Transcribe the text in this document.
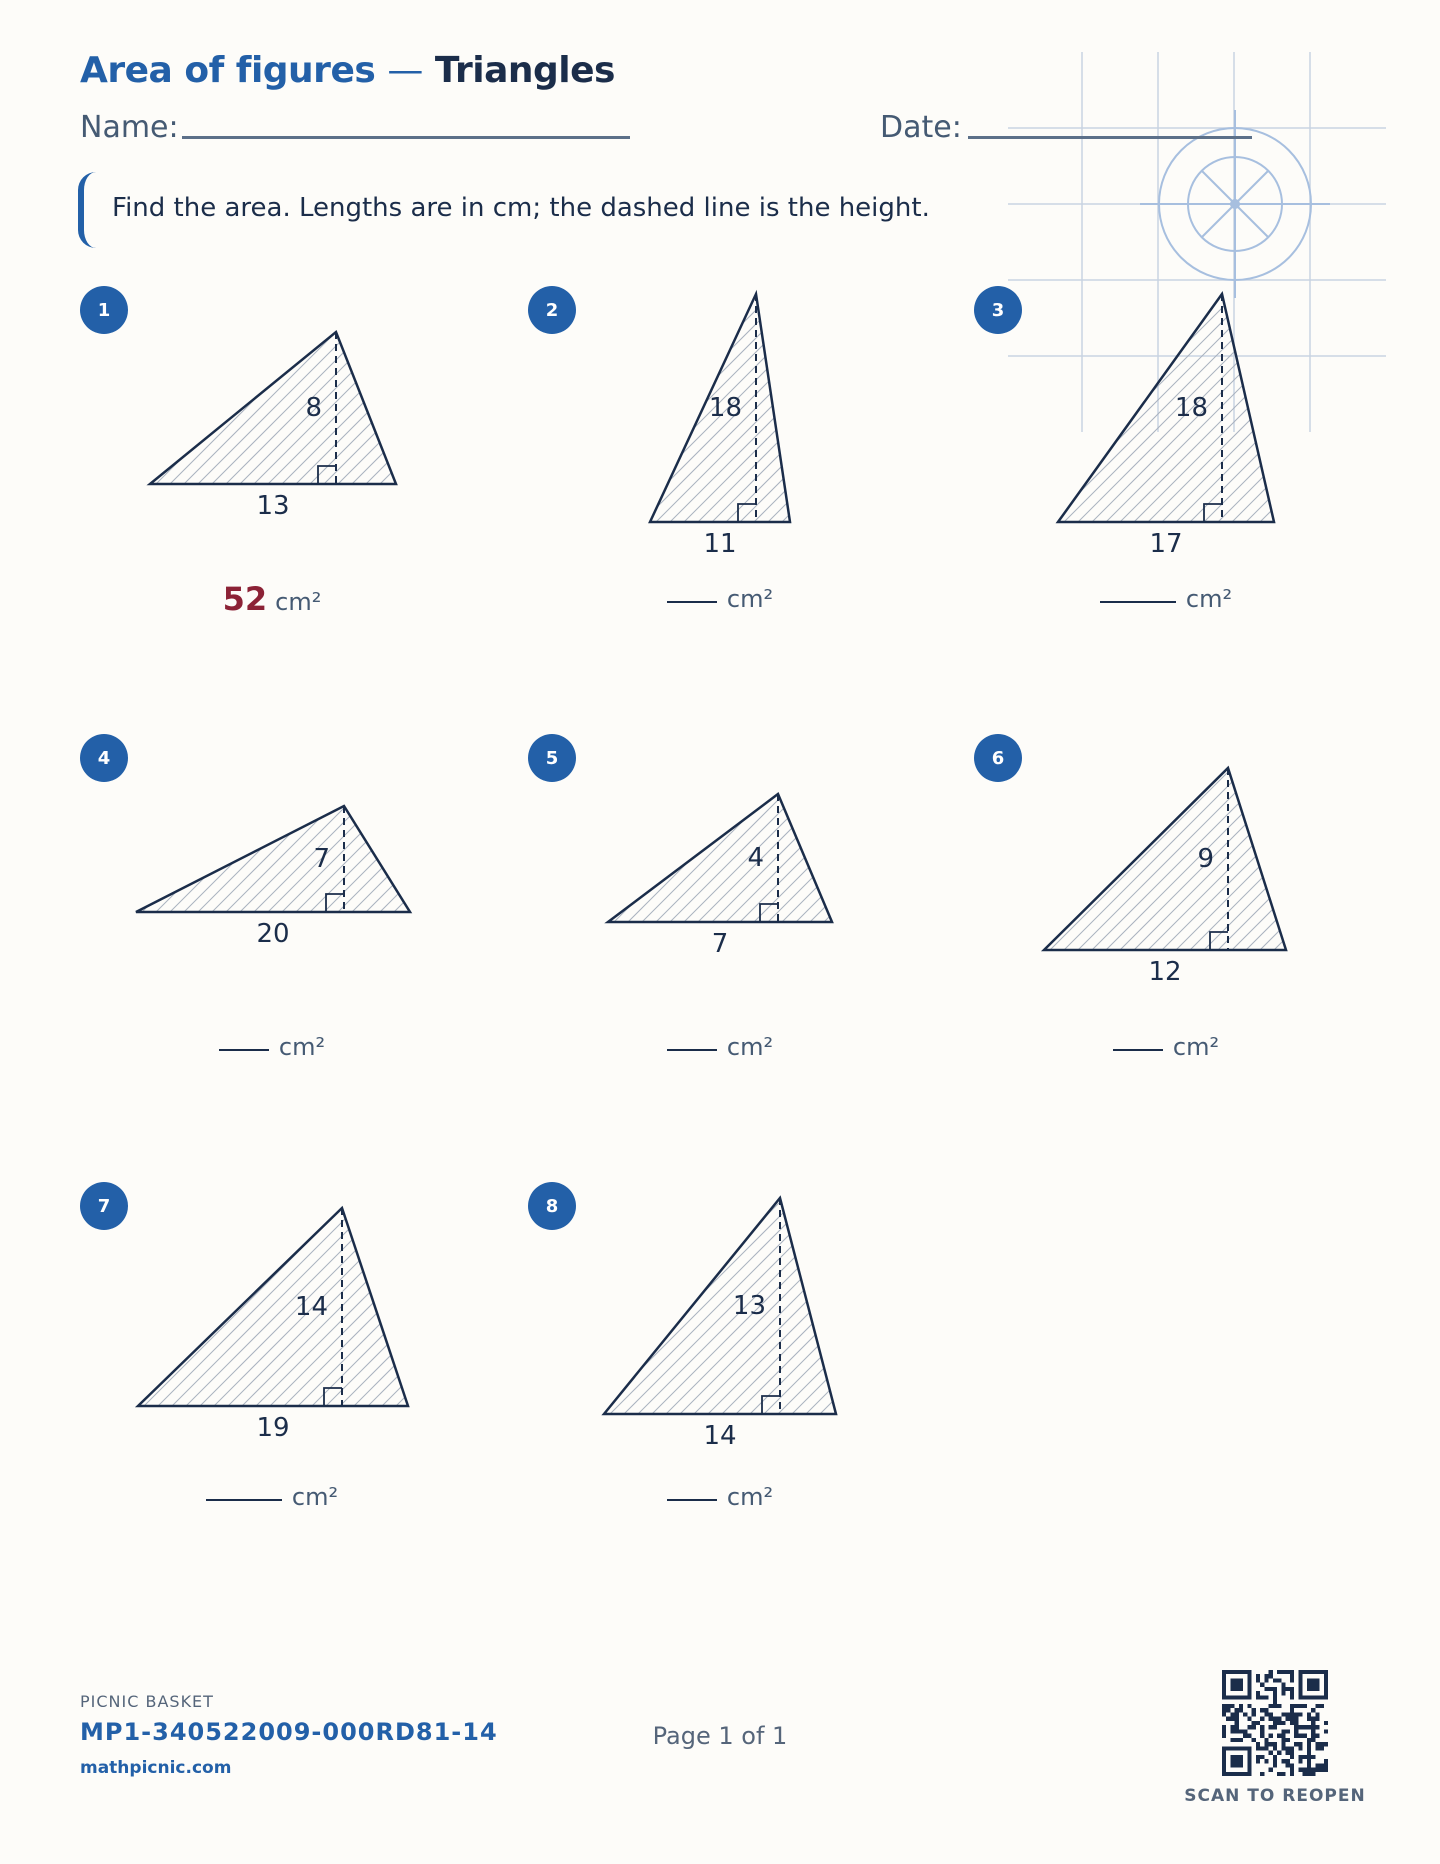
Area of figures — Triangles
Name:	Date:
Find the area. Lengths are in cm; the dashed line is the height.
1
13
8
52 cm²
2
11
18
cm²
3
17
18
cm²
4
20
7
cm²
5
7
4
cm²
6
12
9
cm²
7
19
14
cm²
8
14
13
cm²
PICNIC BASKET
MP1-340522009-000RD81-14
mathpicnic.com
Page 1 of 1
SCAN TO REOPEN
